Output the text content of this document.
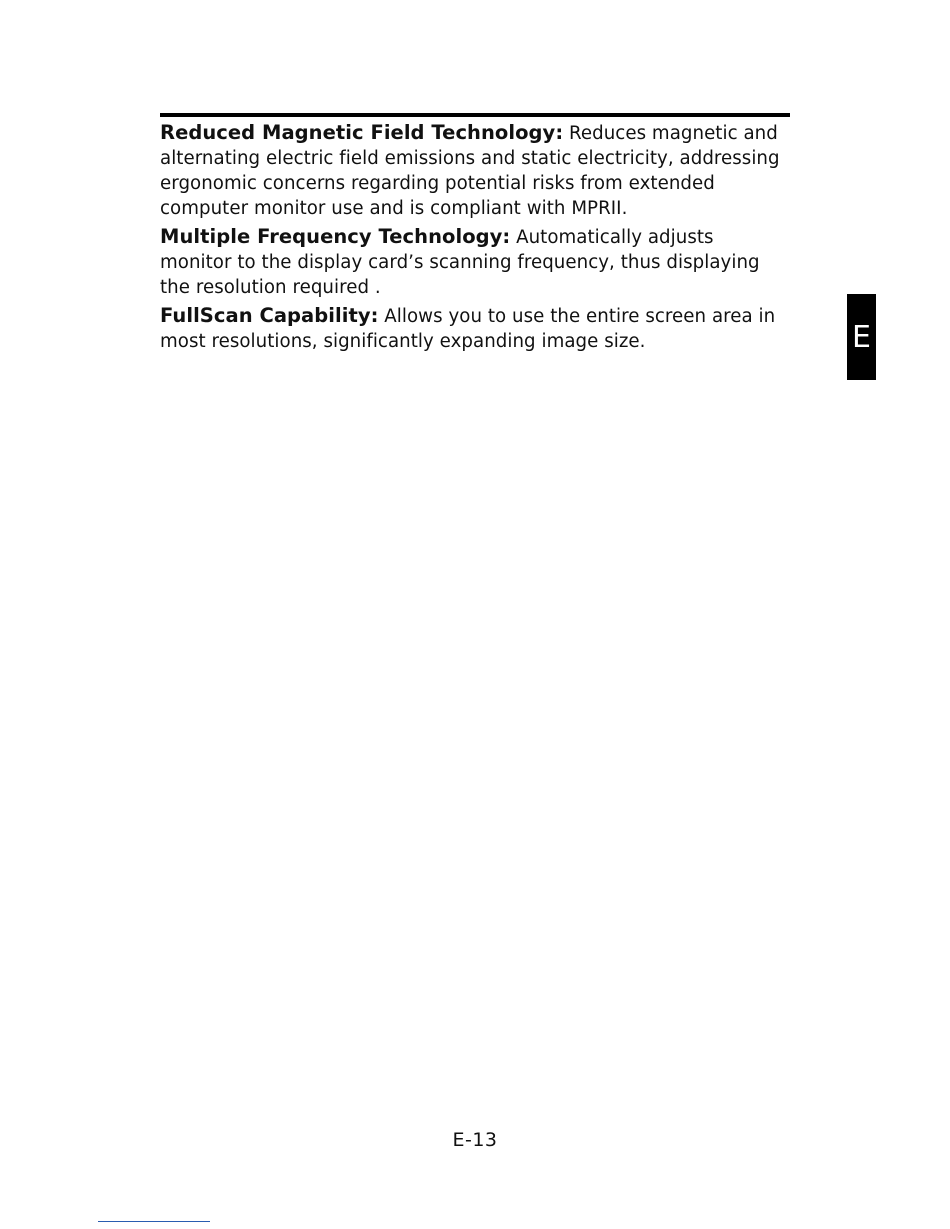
Reduced Magnetic Field Technology: Reduces magnetic and alternating electric field emissions and static electricity, addressing ergonomic concerns regarding potential risks from extended computer monitor use and is compliant with MPRII.

Multiple Frequency Technology: Automatically adjusts monitor to the display card’s scanning frequency, thus displaying the resolution required .

FullScan Capability: Allows you to use the entire screen area in most resolutions, significantly expanding image size.	E
E-13
